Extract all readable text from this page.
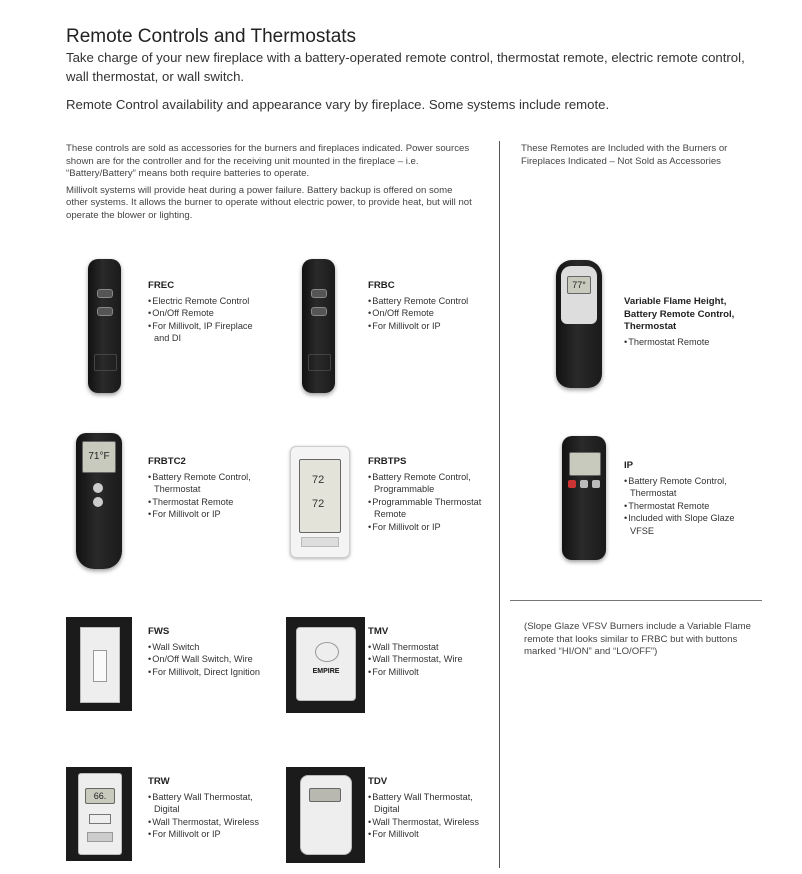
Remote Controls and Thermostats
Take charge of your new fireplace with a battery-operated remote control, thermostat remote, electric remote control, wall thermostat, or wall switch.
Remote Control availability and appearance vary by fireplace. Some systems include remote.

These controls are sold as accessories for the burners and fireplaces indicated. Power sources shown are for the controller and for the receiving unit mounted in the fireplace – i.e. “Battery/Battery” means both require batteries to operate.

Millivolt systems will provide heat during a power failure. Battery backup is offered on some other systems. It allows the burner to operate without electric power, to provide heat, but will not operate the blower or lighting.

These Remotes are Included with the Burners or Fireplaces Indicated – Not Sold as Accessories
(Slope Glaze VFSV Burners include a Variable Flame remote that looks similar to FRBC but with buttons marked “HI/ON” and “LO/OFF”)
FREC
• Electric Remote Control
• On/Off Remote
• For Millivolt, IP Fireplace and DI
FRBC
• Battery Remote Control
• On/Off Remote
• For Millivolt or IP
71°F	FRBTC2
• Battery Remote Control, Thermostat
• Thermostat Remote
• For Millivolt or IP
72
72
FRBTPS
• Battery Remote Control, Programmable
• Programmable Thermostat Remote
• For Millivolt or IP
FWS
• Wall Switch
• On/Off Wall Switch, Wire
• For Millivolt, Direct Ignition	EMPIRE
TMV
• Wall Thermostat
• Wall Thermostat, Wire
• For Millivolt
66.
TRW
• Battery Wall Thermostat, Digital
• Wall Thermostat, Wireless
• For Millivolt or IP
TDV
• Battery Wall Thermostat, Digital
• Wall Thermostat, Wireless
• For Millivolt
77°
Variable Flame Height, Battery Remote Control, Thermostat
• Thermostat Remote
IP
• Battery Remote Control, Thermostat
• Thermostat Remote
• Included with Slope Glaze VFSE
